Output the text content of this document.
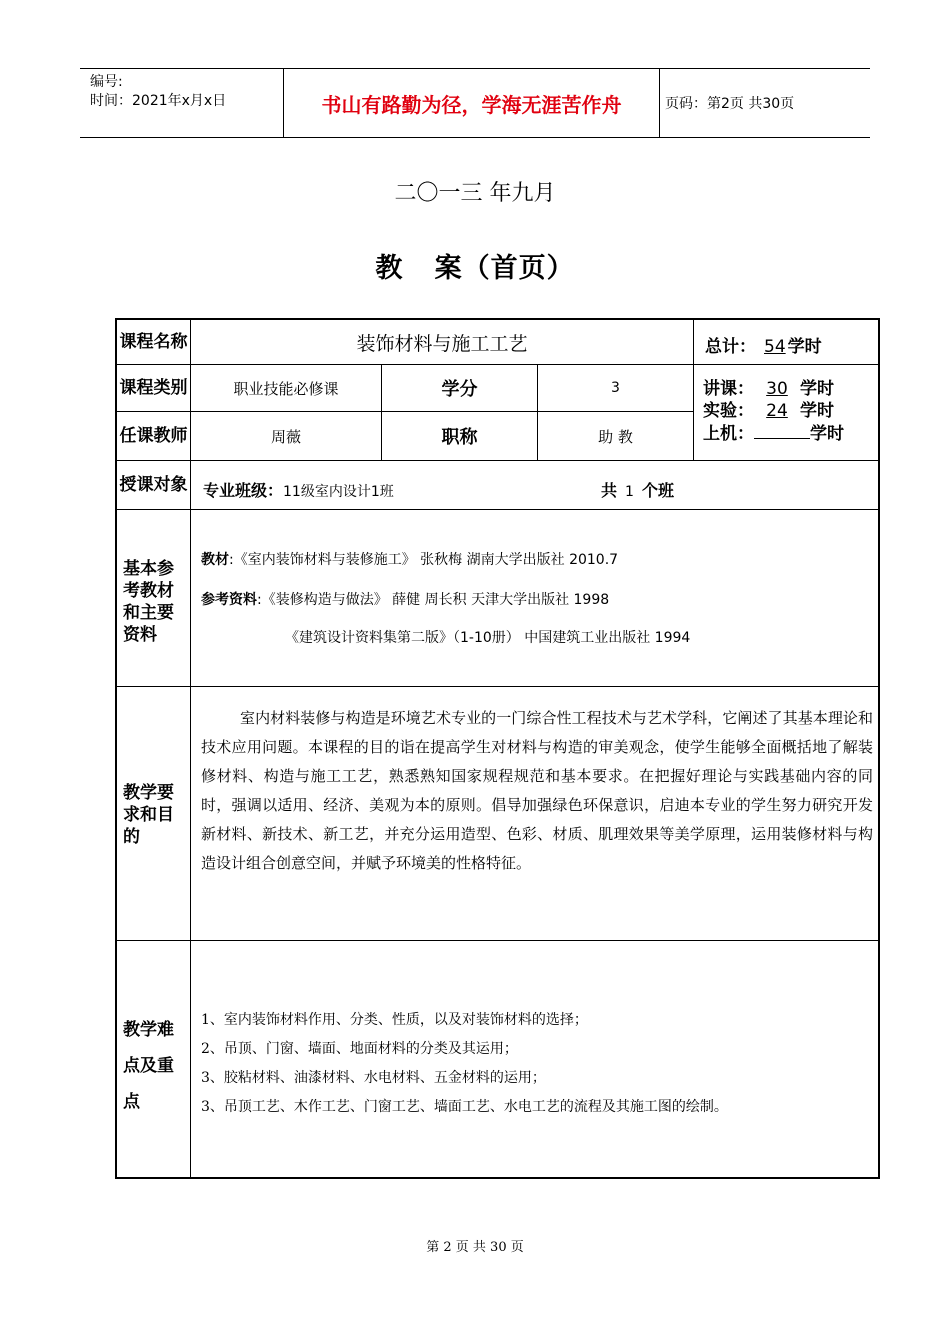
编号:
时间：2021年x月x日	书山有路勤为径，学海无涯苦作舟	页码：第2页 共30页
二〇一三 年九月
教   案（首页）
课程名称	装饰材料与施工工艺	总计： 54 学时
课程类别	职业技能必修课	学分	3
任课教师	周薇	职称	助 教
讲课： 30 学时
实验： 24 学时
上机：	学时
授课对象 专业班级：11级室内设计1班	共 1 个班
基本参考教材和主要资料
教材:《室内装饰材料与装修施工》 张秋梅 湖南大学出版社 2010.7
参考资料:《装修构造与做法》 薛健 周长积 天津大学出版社 1998
《建筑设计资料集第二版》（1-10册） 中国建筑工业出版社 1994
教学要求和目的
室内材料装修与构造是环境艺术专业的一门综合性工程技术与艺术学科，它阐述了其基本理论和技术应用问题。本课程的目的诣在提高学生对材料与构造的审美观念，使学生能够全面概括地了解装修材料、构造与施工工艺，熟悉熟知国家规程规范和基本要求。在把握好理论与实践基础内容的同时，强调以适用、经济、美观为本的原则。倡导加强绿色环保意识，启迪本专业的学生努力研究开发新材料、新技术、新工艺，并充分运用造型、色彩、材质、肌理效果等美学原理，运用装修材料与构造设计组合创意空间，并赋予环境美的性格特征。
教学难点及重点
1、室内装饰材料作用、分类、性质，以及对装饰材料的选择；
2、吊顶、门窗、墙面、地面材料的分类及其运用；
3、胶粘材料、油漆材料、水电材料、五金材料的运用；
3、吊顶工艺、木作工艺、门窗工艺、墙面工艺、水电工艺的流程及其施工图的绘制。
第 2 页 共 30 页
